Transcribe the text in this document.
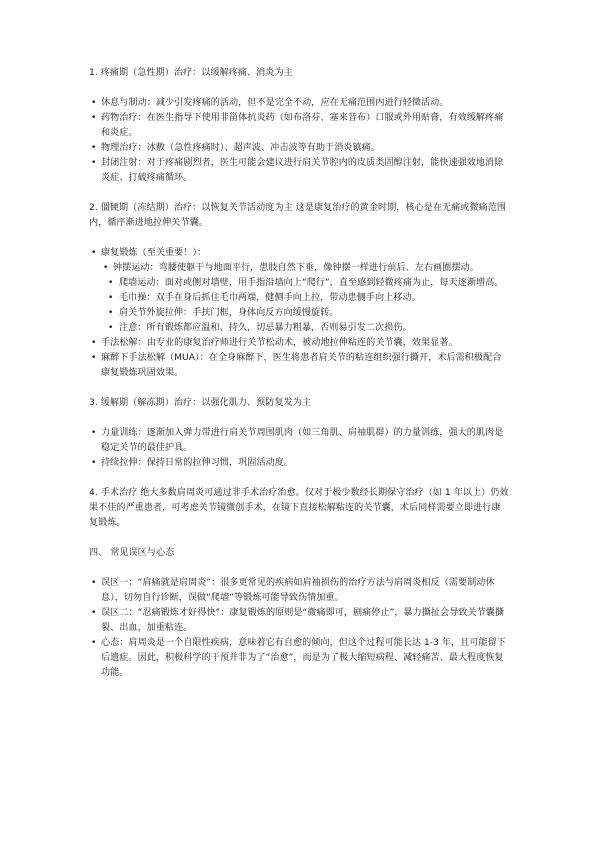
1. 疼痛期（急性期）治疗：以缓解疼痛、消炎为主

• 休息与制动：减少引发疼痛的活动，但不是完全不动，应在无痛范围内进行轻微活动。

• 药物治疗：在医生指导下使用非甾体抗炎药（如布洛芬、塞来昔布）口服或外用贴膏，有效缓解疼痛和炎症。

• 物理治疗：冰敷（急性疼痛时）、超声波、冲击波等有助于消炎镇痛。

• 封闭注射：对于疼痛剧烈者，医生可能会建议进行肩关节腔内的皮质类固醇注射，能快速强效地消除炎症、打破疼痛循环。

2. 僵硬期（冻结期）治疗：以恢复关节活动度为主 这是康复治疗的黄金时期，核心是在无痛或微痛范围内，循序渐进地拉伸关节囊。

• 康复锻炼（至关重要！）：

• 钟摆运动：弯腰使躯干与地面平行，患肢自然下垂，像钟摆一样进行前后、左右画圈摆动。

• 爬墙运动：面对或侧对墙壁，用手指沿墙向上“爬行”，直至感到轻微疼痛为止，每天逐渐增高。

• 毛巾操：双手在身后抓住毛巾两端，健侧手向上拉，带动患侧手向上移动。

• 肩关节外旋拉伸：手扶门框，身体向反方向缓慢旋转。

• 注意：所有锻炼都应温和、持久，切忌暴力粗暴，否则易引发二次损伤。

• 手法松解：由专业的康复治疗师进行关节松动术，被动地拉伸粘连的关节囊，效果显著。

• 麻醉下手法松解（MUA）：在全身麻醉下，医生将患者肩关节的粘连组织强行撕开，术后需积极配合康复锻炼巩固效果。

3. 缓解期（解冻期）治疗：以强化肌力、预防复发为主

• 力量训练：逐渐加入弹力带进行肩关节周围肌肉（如三角肌、肩袖肌群）的力量训练，强大的肌肉是稳定关节的最佳护具。

• 持续拉伸：保持日常的拉伸习惯，巩固活动度。

4. 手术治疗 绝大多数肩周炎可通过非手术治疗治愈。仅对于极少数经长期保守治疗（如 1 年以上）仍效果不佳的严重患者，可考虑关节镜微创手术，在镜下直接松解粘连的关节囊，术后同样需要立即进行康复锻炼。

四、 常见误区与心态

• 误区一：“肩痛就是肩周炎”：很多更常见的疾病如肩袖损伤的治疗方法与肩周炎相反（需要制动休息），切勿自行诊断，误做“爬墙”等锻炼可能导致伤情加重。

• 误区二：“忍痛锻炼才好得快”：康复锻炼的原则是“微痛即可，剧痛停止”，暴力撕扯会导致关节囊撕裂、出血，加重粘连。

• 心态：肩周炎是一个自限性疾病，意味着它有自愈的倾向，但这个过程可能长达 1-3 年，且可能留下后遗症。因此，积极科学的干预并非为了“治愈”，而是为了极大缩短病程、减轻痛苦、最大程度恢复功能。
